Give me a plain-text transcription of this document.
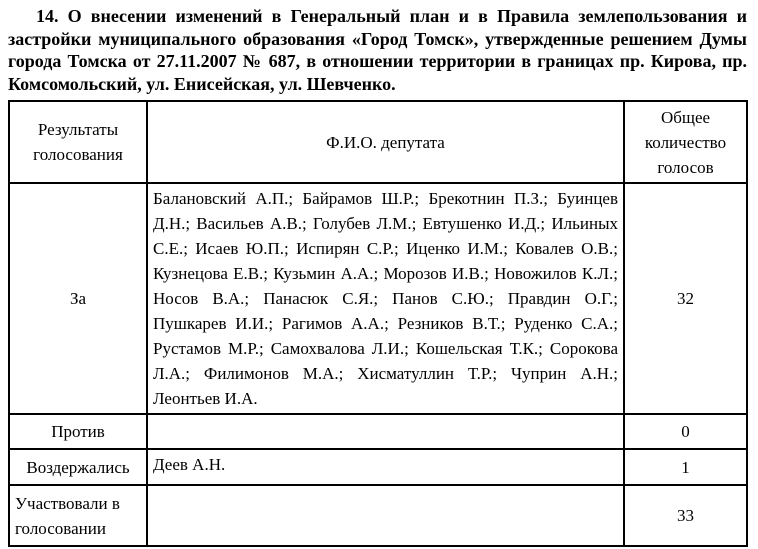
14. О внесении изменений в Генеральный план и в Правила землепользования и застройки муниципального образования «Город Томск», утвержденные решением Думы города Томска от 27.11.2007 № 687, в отношении территории в границах пр. Кирова, пр. Комсомольский, ул. Енисейская, ул. Шевченко.

Результаты голосования	Ф.И.О. депутата	Общее количество голосов
За	Балановский А.П.; Байрамов Ш.Р.; Брекотнин П.З.; Буинцев Д.Н.; Васильев А.В.; Голубев Л.М.; Евтушенко И.Д.; Ильиных С.Е.; Исаев Ю.П.; Испирян С.Р.; Иценко И.М.; Ковалев О.В.; Кузнецова Е.В.; Кузьмин А.А.; Морозов И.В.; Новожилов К.Л.; Носов В.А.; Панасюк С.Я.; Панов С.Ю.; Правдин О.Г.; Пушкарев И.И.; Рагимов А.А.; Резников В.Т.; Руденко С.А.; Рустамов М.Р.; Самохвалова Л.И.; Кошельская Т.К.; Сорокова Л.А.; Филимонов М.А.; Хисматуллин Т.Р.; Чуприн А.Н.; Леонтьев И.А.	32
Против		0
Воздержались	Деев А.Н.	1
Участвовали в голосовании		33
